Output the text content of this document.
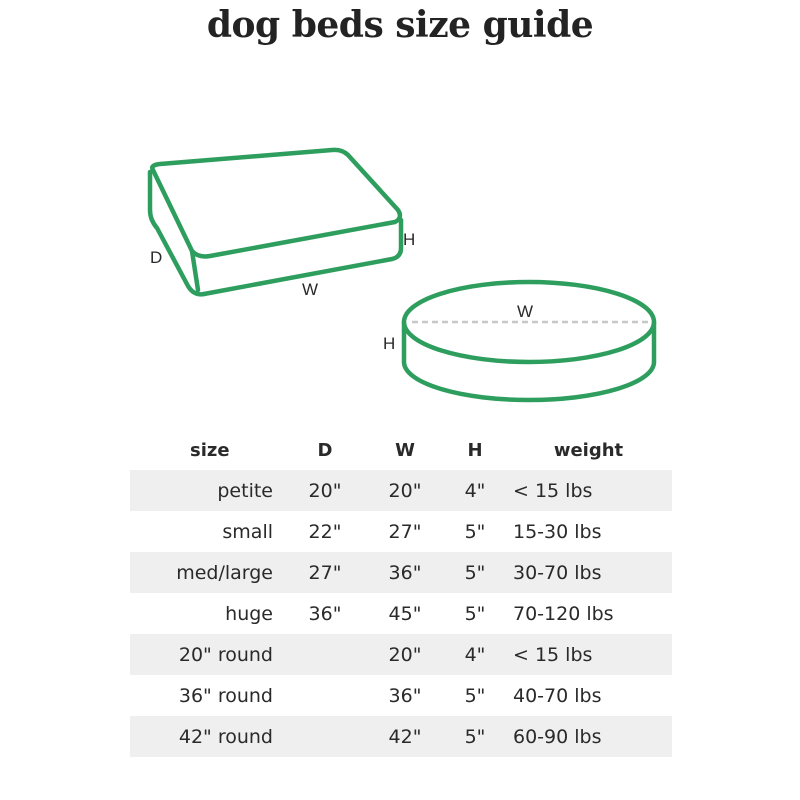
dog beds size guide
D
H
W
W
H
size	D	W	H	weight
petite	20"	20"	4"	< 15 lbs
small	22"	27"	5"	15-30 lbs
med/large	27"	36"	5"	30-70 lbs
huge	36"	45"	5"	70-120 lbs
20" round		20"	4"	< 15 lbs
36" round		36"	5"	40-70 lbs
42" round		42"	5"	60-90 lbs
